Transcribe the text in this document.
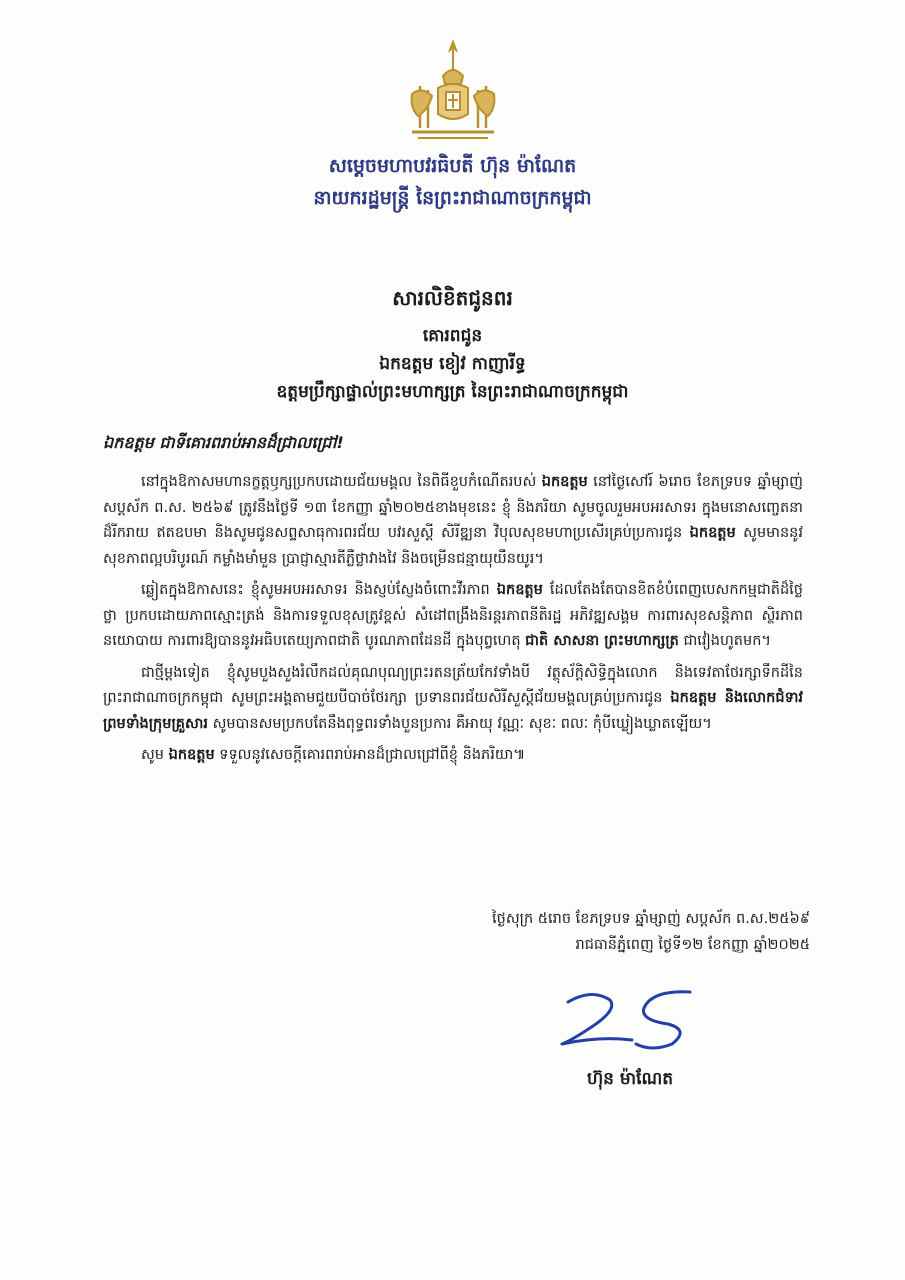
សម្ដេចមហាបវរធិបតី ហ៊ុន ម៉ាណែត
នាយករដ្ឋមន្ត្រី នៃព្រះរាជាណាចក្រកម្ពុជា
សារលិខិតជូនពរ
គោរពជូន
ឯកឧត្ដម ខៀវ កាញារីទ្ធ
ឧត្តមប្រឹក្សាផ្ទាល់ព្រះមហាក្សត្រ នៃព្រះរាជាណាចក្រកម្ពុជា
ឯកឧត្តម ជាទីគោរពរាប់អានដ៏ជ្រាលជ្រៅ!

នៅក្នុងឱកាសមហានក្ខត្តឫក្សប្រកបដោយជ័យមង្គល នៃពិធីខួបកំណើតរបស់ ឯកឧត្តម នៅថ្ងៃសៅរ៍ ៦រោច ខែភទ្របទ ឆ្នាំម្សាញ់ សប្តស័ក ព.ស. ២៥៦៩ ត្រូវនឹងថ្ងៃទី ១៣ ខែកញ្ញា ឆ្នាំ២០២៥ខាងមុខនេះ ខ្ញុំ និងភរិយា សូមចូលរួមអបអរសាទរ ក្នុងមនោសញ្ចេតនាដ៏រីករាយ ឥតឧបមា និងសូមជូនសព្ទសាធុការពរជ័យ បវរសួស្តី សិរីឌ្ឍនា វិបុលសុខមហាប្រសើរគ្រប់ប្រការជូន ឯកឧត្តម សូមមាននូវសុខភាពល្អបរិបូរណ៍ កម្លាំងមាំមួន ប្រាជ្ញាស្មារតីភ្លឺថ្លាវាងវៃ និងចម្រើនជន្មាយុយឺនយូរ។

ឆ្លៀតក្នុងឱកាសនេះ ខ្ញុំសូមអបអរសាទរ និងស្ញប់ស្ញែងចំពោះវីរភាព ឯកឧត្តម ដែលតែងតែបានខិតខំបំពេញបេសកកម្មជាតិដ៏ថ្លៃថ្លា ប្រកបដោយភាពស្មោះត្រង់ និងការទទួលខុសត្រូវខ្ពស់ សំដៅពង្រឹងនិរន្តរភាពនីតិរដ្ឋ អភិវឌ្ឍសង្គម ការពារសុខសន្តិភាព ស្ថិរភាពនយោបាយ ការពារឱ្យបាននូវអធិបតេយ្យភាពជាតិ បូរណភាពដែនដី ក្នុងបុព្វហេតុ ជាតិ សាសនា ព្រះមហាក្សត្រ ជាវៀងហូតមក។

ជាថ្មីម្តងទៀត ខ្ញុំសូមបួងសួងរំលឹកដល់គុណបុណ្យព្រះរតនត្រ័យកែវទាំងបី វត្ថុស័ក្តិសិទ្ធិក្នុងលោក និងទេវតាថែរក្សាទឹកដីនៃព្រះរាជាណាចក្រកម្ពុជា សូមព្រះអង្គតាមជួយបីបាច់ថែរក្សា ប្រទានពរជ័យសិរីសួស្តីជ័យមង្គលគ្រប់ប្រការជូន ឯកឧត្តម និងលោកជំទាវ ព្រមទាំងក្រុមគ្រួសារ សូមបានសមប្រកបតែនឹងពុទ្ធពរទាំងបួនប្រការ គឺអាយុ វណ្ណៈ សុខៈ ពលៈ កុំបីឃ្លៀងឃ្លាតឡើយ។

សូម ឯកឧត្តម ទទួលនូវសេចក្តីគោរពរាប់អានដ៏ជ្រាលជ្រៅពីខ្ញុំ និងភរិយា៕

ថ្ងៃសុក្រ ៥រោច ខែភទ្របទ ឆ្នាំម្សាញ់ សប្តស័ក ព.ស.២៥៦៩
រាជធានីភ្នំពេញ ថ្ងៃទី១២ ខែកញ្ញា ឆ្នាំ២០២៥
ហ៊ុន ម៉ាណែត
